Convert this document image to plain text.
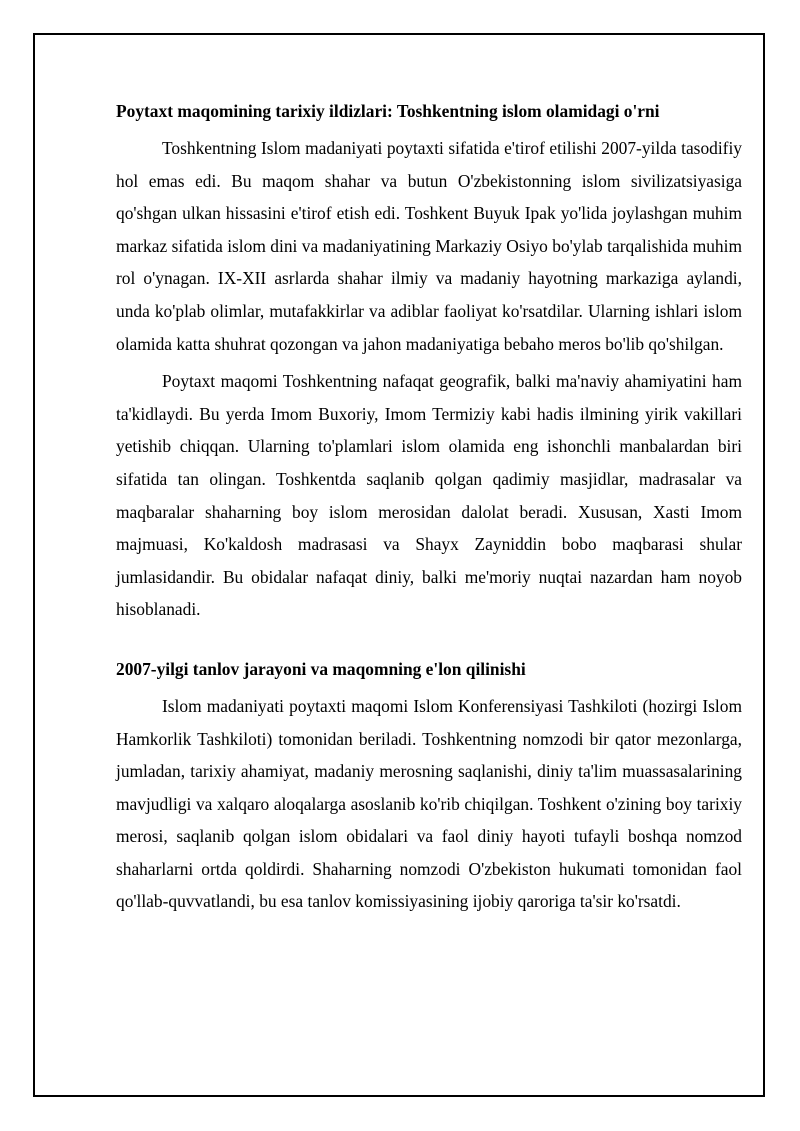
Poytaxt maqomining tarixiy ildizlari: Toshkentning islom olamidagi o'rni

Toshkentning Islom madaniyati poytaxti sifatida e'tirof etilishi 2007-yilda tasodifiy hol emas edi. Bu maqom shahar va butun O'zbekistonning islom sivilizatsiyasiga qo'shgan ulkan hissasini e'tirof etish edi. Toshkent Buyuk Ipak yo'lida joylashgan muhim markaz sifatida islom dini va madaniyatining Markaziy Osiyo bo'ylab tarqalishida muhim rol o'ynagan. IX-XII asrlarda shahar ilmiy va madaniy hayotning markaziga aylandi, unda ko'plab olimlar, mutafakkirlar va adiblar faoliyat ko'rsatdilar. Ularning ishlari islom olamida katta shuhrat qozongan va jahon madaniyatiga bebaho meros bo'lib qo'shilgan.

Poytaxt maqomi Toshkentning nafaqat geografik, balki ma'naviy ahamiyatini ham ta'kidlaydi. Bu yerda Imom Buxoriy, Imom Termiziy kabi hadis ilmining yirik vakillari yetishib chiqqan. Ularning to'plamlari islom olamida eng ishonchli manbalardan biri sifatida tan olingan. Toshkentda saqlanib qolgan qadimiy masjidlar, madrasalar va maqbaralar shaharning boy islom merosidan dalolat beradi. Xususan, Xasti Imom majmuasi, Ko'kaldosh madrasasi va Shayx Zayniddin bobo maqbarasi shular jumlasidandir. Bu obidalar nafaqat diniy, balki me'moriy nuqtai nazardan ham noyob hisoblanadi.

2007-yilgi tanlov jarayoni va maqomning e'lon qilinishi

Islom madaniyati poytaxti maqomi Islom Konferensiyasi Tashkiloti (hozirgi Islom Hamkorlik Tashkiloti) tomonidan beriladi. Toshkentning nomzodi bir qator mezonlarga, jumladan, tarixiy ahamiyat, madaniy merosning saqlanishi, diniy ta'lim muassasalarining mavjudligi va xalqaro aloqalarga asoslanib ko'rib chiqilgan. Toshkent o'zining boy tarixiy merosi, saqlanib qolgan islom obidalari va faol diniy hayoti tufayli boshqa nomzod shaharlarni ortda qoldirdi. Shaharning nomzodi O'zbekiston hukumati tomonidan faol qo'llab-quvvatlandi, bu esa tanlov komissiyasining ijobiy qaroriga ta'sir ko'rsatdi.
